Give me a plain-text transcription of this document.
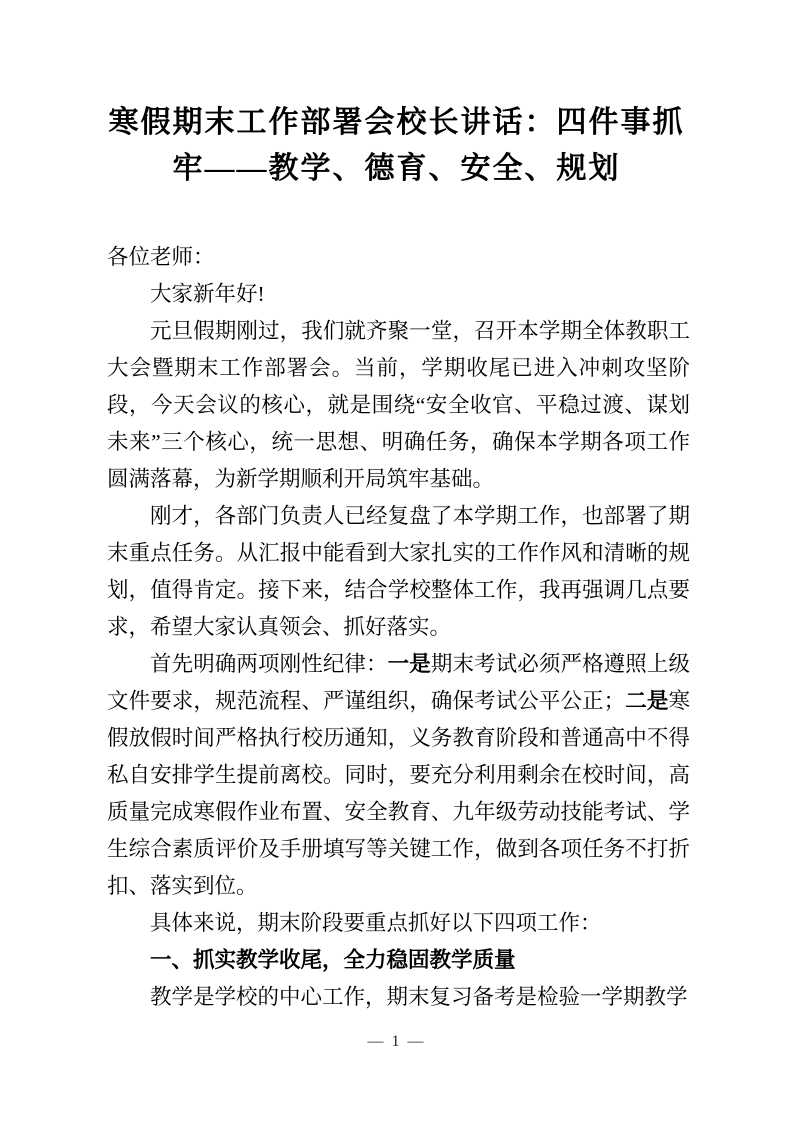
寒假期末工作部署会校长讲话：四件事抓
牢——教学、德育、安全、规划

各位老师：

大家新年好!

元旦假期刚过，我们就齐聚一堂，召开本学期全体教职工大会暨期末工作部署会。当前，学期收尾已进入冲刺攻坚阶段，今天会议的核心，就是围绕“安全收官、平稳过渡、谋划未来”三个核心，统一思想、明确任务，确保本学期各项工作圆满落幕，为新学期顺利开局筑牢基础。

刚才，各部门负责人已经复盘了本学期工作，也部署了期末重点任务。从汇报中能看到大家扎实的工作作风和清晰的规划，值得肯定。接下来，结合学校整体工作，我再强调几点要求，希望大家认真领会、抓好落实。

首先明确两项刚性纪律：一是期末考试必须严格遵照上级文件要求，规范流程、严谨组织，确保考试公平公正；二是寒假放假时间严格执行校历通知，义务教育阶段和普通高中不得私自安排学生提前离校。同时，要充分利用剩余在校时间，高质量完成寒假作业布置、安全教育、九年级劳动技能考试、学生综合素质评价及手册填写等关键工作，做到各项任务不打折扣、落实到位。

具体来说，期末阶段要重点抓好以下四项工作：

一、抓实教学收尾，全力稳固教学质量

教学是学校的中心工作，期末复习备考是检验一学期教学

— 1 —
